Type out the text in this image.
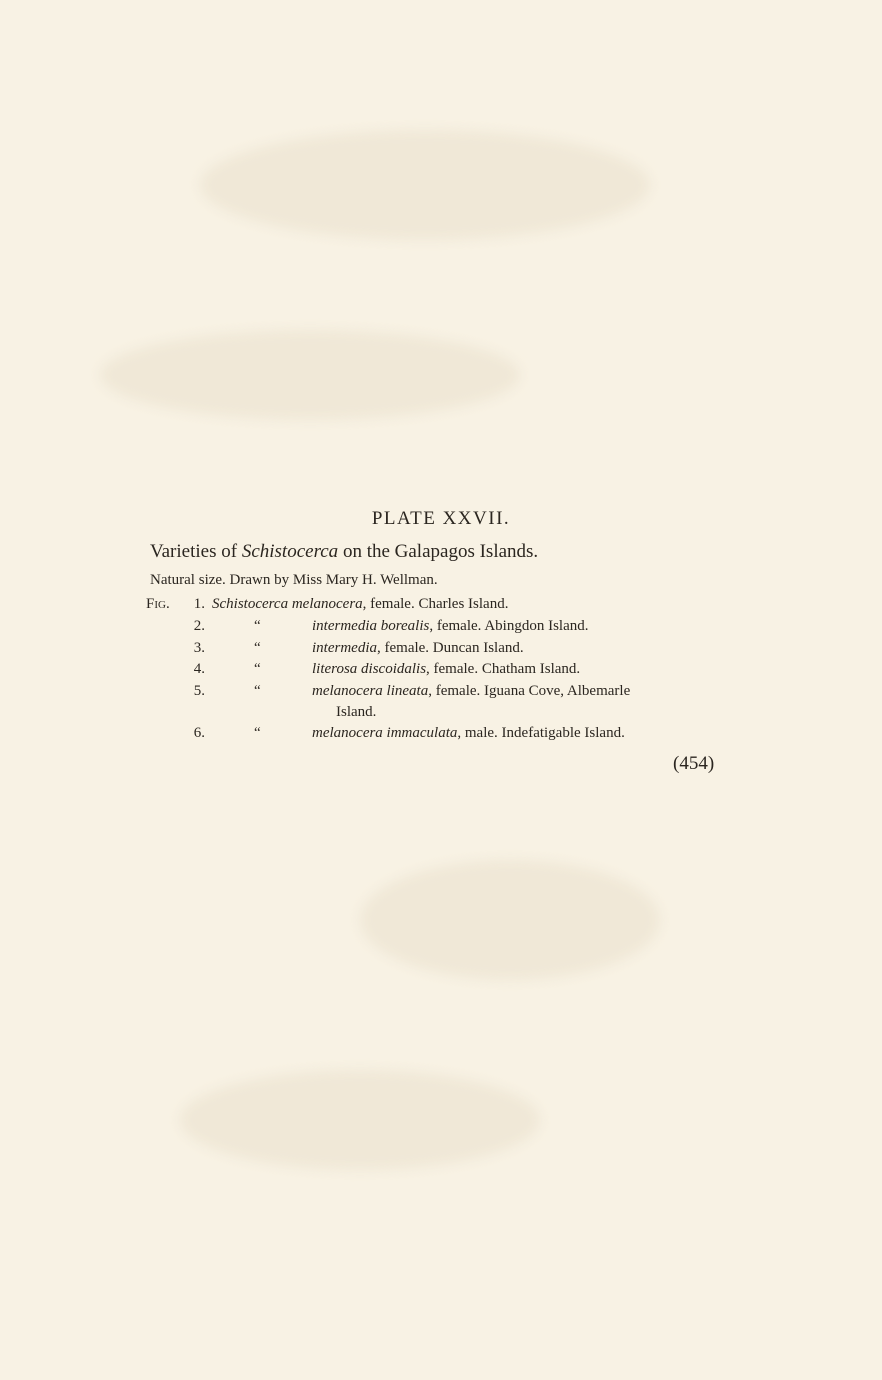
PLATE XXVII.
Varieties of Schistocerca on the Galapagos Islands.
Natural size. Drawn by Miss Mary H. Wellman.
Fig.	1. Schistocerca melanocera, female. Charles Island.
2.	“	intermedia borealis, female. Abingdon Island.
3.	“	intermedia, female. Duncan Island.
4.	“	literosa discoidalis, female. Chatham Island.
5.	“	melanocera lineata, female. Iguana Cove, Albemarle
Island.
6.	“	melanocera immaculata, male. Indefatigable Island.
(454)
